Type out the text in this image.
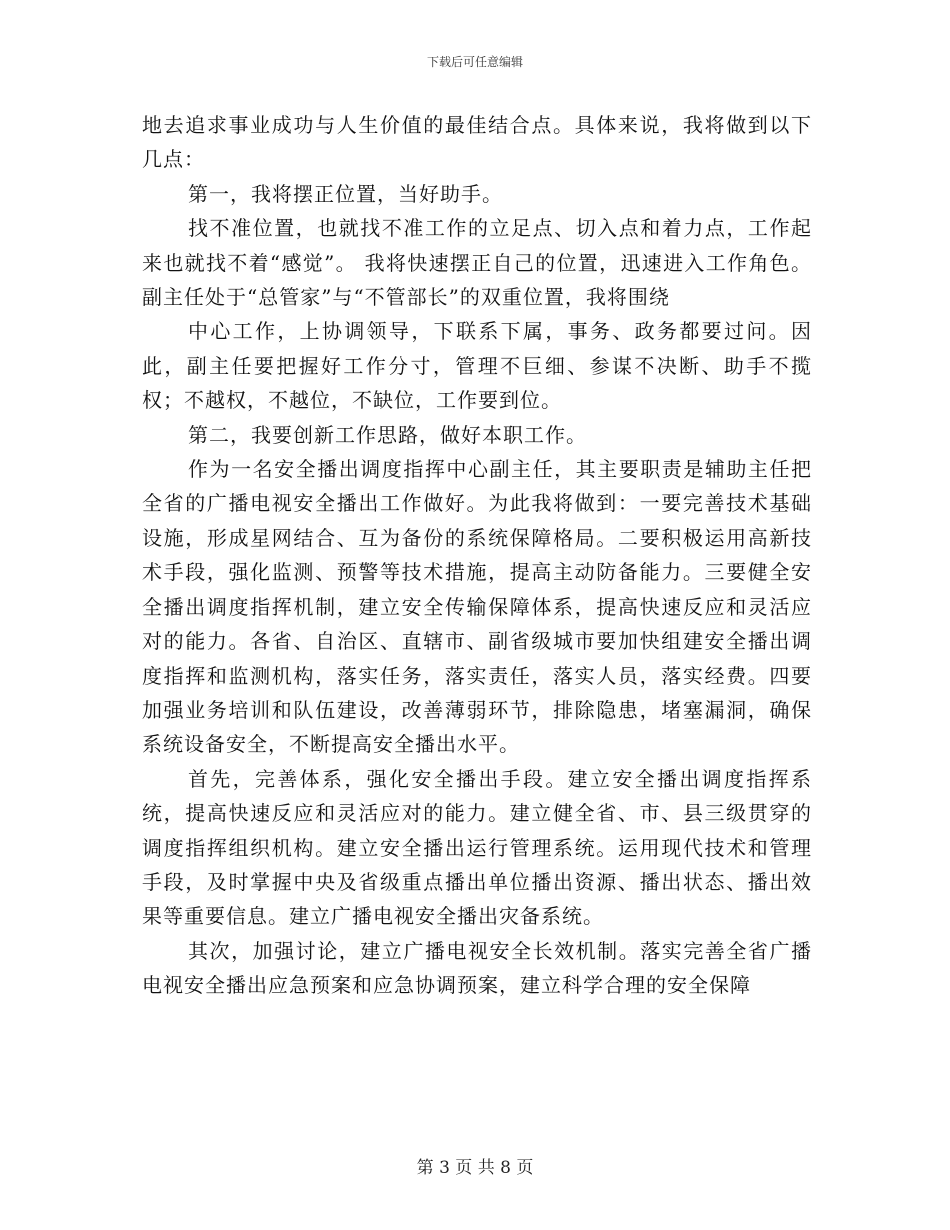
下载后可任意编辑

地去追求事业成功与人生价值的最佳结合点。具体来说，我将做到以下几点：

第一，我将摆正位置，当好助手。

找不准位置，也就找不准工作的立足点、切入点和着力点，工作起来也就找不着“感觉”。 我将快速摆正自己的位置，迅速进入工作角色。副主任处于“总管家”与“不管部长”的双重位置，我将围绕

中心工作，上协调领导，下联系下属，事务、政务都要过问。因此，副主任要把握好工作分寸，管理不巨细、参谋不决断、助手不揽权；不越权，不越位，不缺位，工作要到位。

第二，我要创新工作思路，做好本职工作。

作为一名安全播出调度指挥中心副主任，其主要职责是辅助主任把全省的广播电视安全播出工作做好。为此我将做到：一要完善技术基础设施，形成星网结合、互为备份的系统保障格局。二要积极运用高新技术手段，强化监测、预警等技术措施，提高主动防备能力。三要健全安全播出调度指挥机制，建立安全传输保障体系，提高快速反应和灵活应对的能力。各省、自治区、直辖市、副省级城市要加快组建安全播出调度指挥和监测机构，落实任务，落实责任，落实人员，落实经费。四要加强业务培训和队伍建设，改善薄弱环节，排除隐患，堵塞漏洞，确保系统设备安全，不断提高安全播出水平。

首先，完善体系，强化安全播出手段。建立安全播出调度指挥系统，提高快速反应和灵活应对的能力。建立健全省、市、县三级贯穿的调度指挥组织机构。建立安全播出运行管理系统。运用现代技术和管理手段，及时掌握中央及省级重点播出单位播出资源、播出状态、播出效果等重要信息。建立广播电视安全播出灾备系统。

其次，加强讨论，建立广播电视安全长效机制。落实完善全省广播电视安全播出应急预案和应急协调预案，建立科学合理的安全保障

第 3 页 共 8 页
